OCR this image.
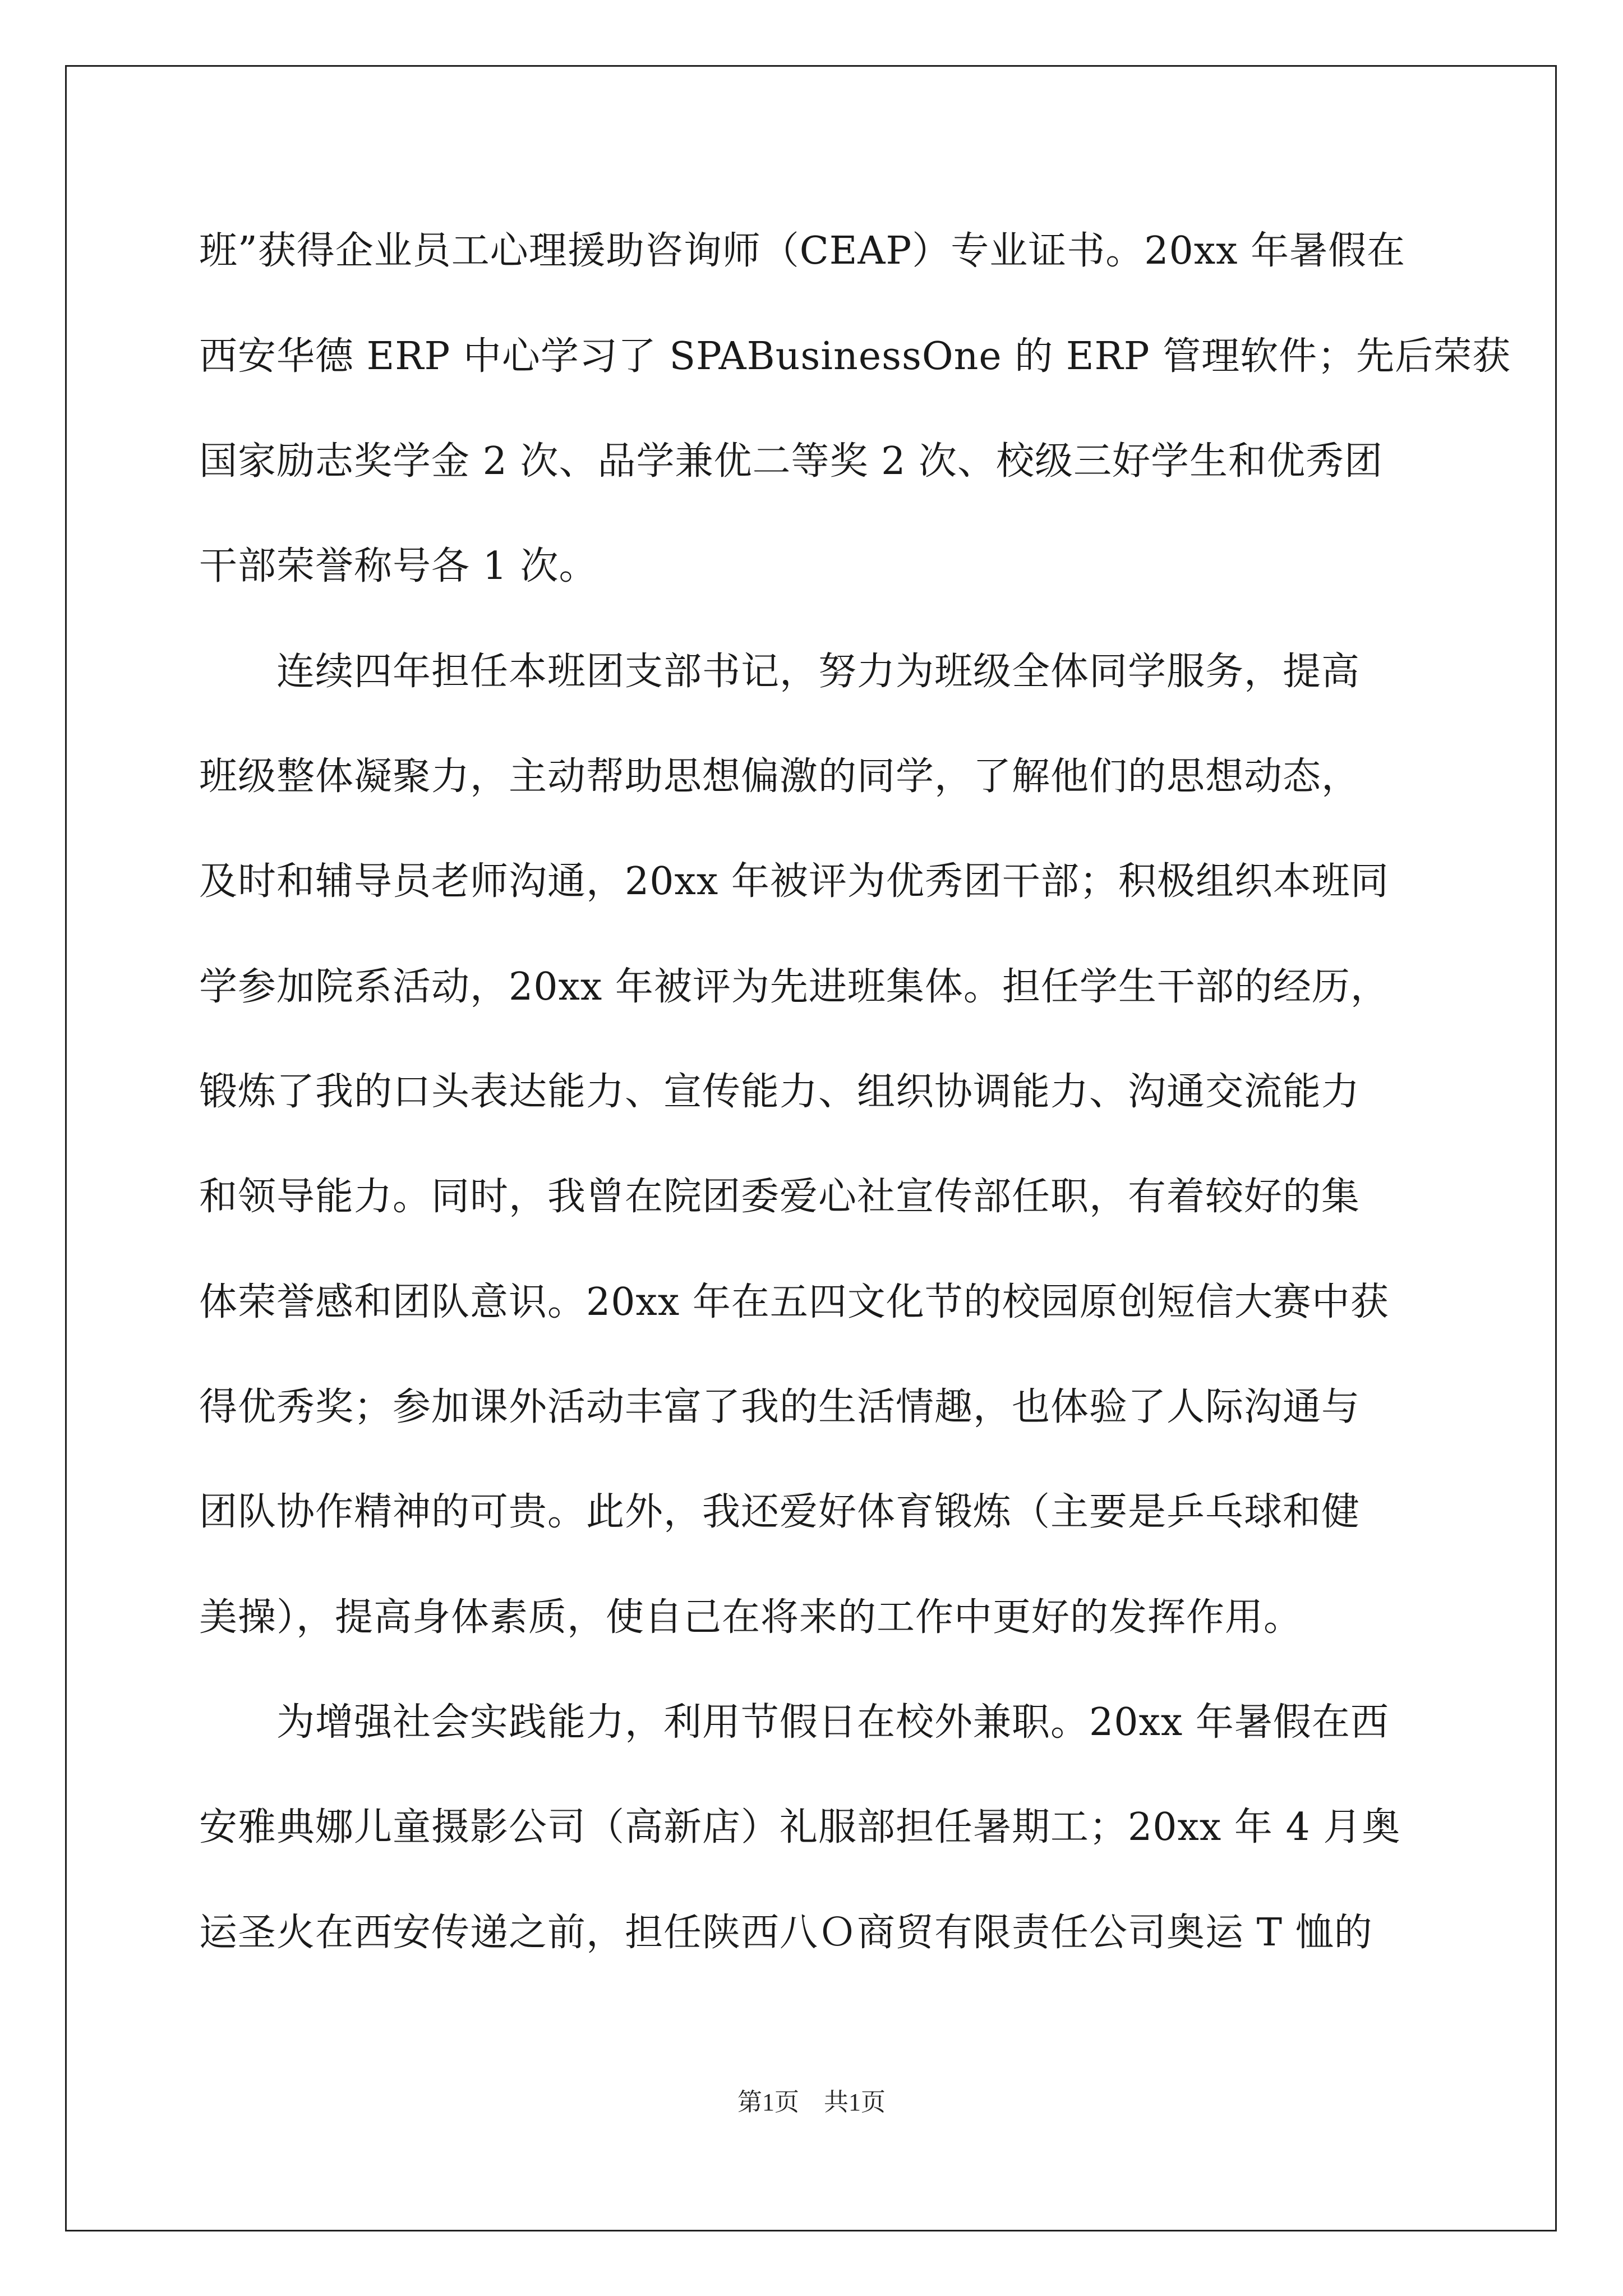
班”获得企业员工心理援助咨询师（CEAP）专业证书。20xx 年暑假在
西安华德 ERP 中心学习了 SPABusinessOne 的 ERP 管理软件；先后荣获
国家励志奖学金 2 次、品学兼优二等奖 2 次、校级三好学生和优秀团
干部荣誉称号各 1 次。
　　连续四年担任本班团支部书记，努力为班级全体同学服务，提高
班级整体凝聚力，主动帮助思想偏激的同学，了解他们的思想动态，
及时和辅导员老师沟通，20xx 年被评为优秀团干部；积极组织本班同
学参加院系活动，20xx 年被评为先进班集体。担任学生干部的经历，
锻炼了我的口头表达能力、宣传能力、组织协调能力、沟通交流能力
和领导能力。同时，我曾在院团委爱心社宣传部任职，有着较好的集
体荣誉感和团队意识。20xx 年在五四文化节的校园原创短信大赛中获
得优秀奖；参加课外活动丰富了我的生活情趣，也体验了人际沟通与
团队协作精神的可贵。此外，我还爱好体育锻炼（主要是乒乓球和健
美操），提高身体素质，使自己在将来的工作中更好的发挥作用。
　　为增强社会实践能力，利用节假日在校外兼职。20xx 年暑假在西
安雅典娜儿童摄影公司（高新店）礼服部担任暑期工；20xx 年 4 月奥
运圣火在西安传递之前，担任陕西八Ｏ商贸有限责任公司奥运 T 恤的
第1页　共1页
